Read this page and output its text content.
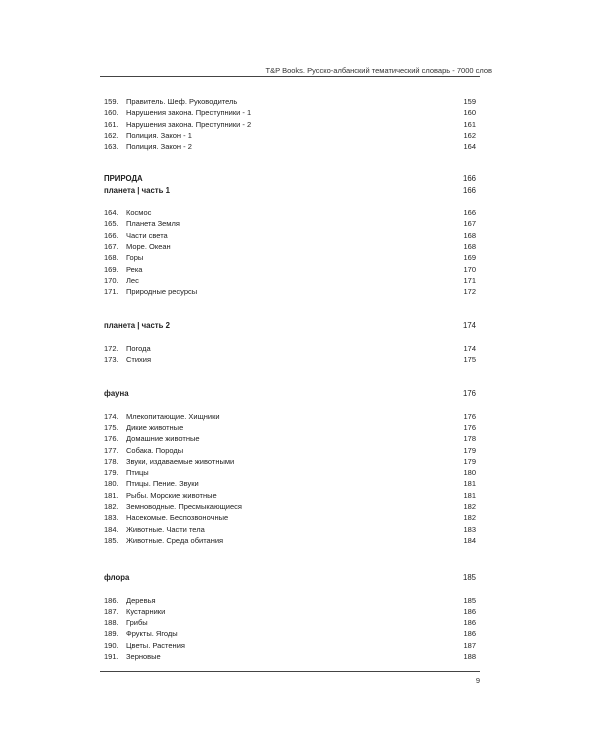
T&P Books. Русско-албанский тематический словарь - 7000 слов
159. Правитель. Шеф. Руководитель	159
160. Нарушения закона. Преступники - 1	160
161. Нарушения закона. Преступники - 2	161
162. Полиция. Закон - 1	162
163. Полиция. Закон - 2	164
ПРИРОДА	166
планета | часть 1	166
164. Космос	166
165. Планета Земля	167
166. Части света	168
167. Море. Океан	168
168. Горы	169
169. Река	170
170. Лес	171
171. Природные ресурсы	172
планета | часть 2	174
172. Погода	174
173. Стихия	175
фауна	176
174. Млекопитающие. Хищники	176
175. Дикие животные	176
176. Домашние животные	178
177. Собака. Породы	179
178. Звуки, издаваемые животными	179
179. Птицы	180
180. Птицы. Пение. Звуки	181
181. Рыбы. Морские животные	181
182. Земноводные. Пресмыкающиеся	182
183. Насекомые. Беспозвоночные	182
184. Животные. Части тела	183
185. Животные. Среда обитания	184
флора	185
186. Деревья	185
187. Кустарники	186
188. Грибы	186
189. Фрукты. Ягоды	186
190. Цветы. Растения	187
191. Зерновые	188
9
